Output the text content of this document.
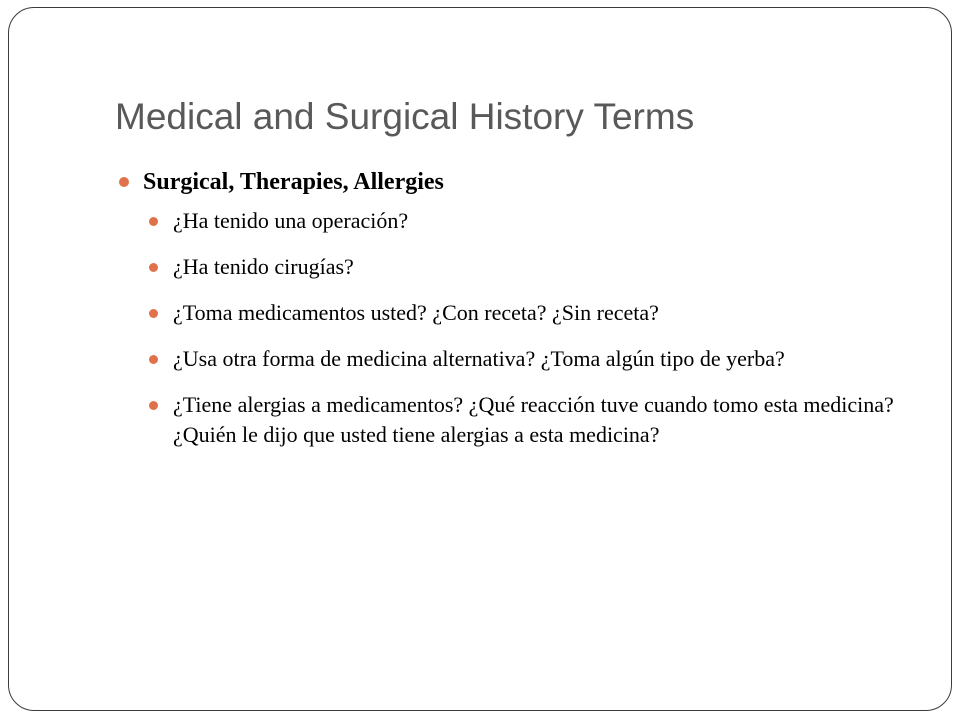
Medical and Surgical History Terms

Surgical, Therapies, Allergies

¿Ha tenido una operación?
¿Ha tenido cirugías?
¿Toma medicamentos usted? ¿Con receta? ¿Sin receta?
¿Usa otra forma de medicina alternativa? ¿Toma algún tipo de yerba?
¿Tiene alergias a medicamentos? ¿Qué reacción tuve cuando tomo esta medicina? ¿Quién le dijo que usted tiene alergias a esta medicina?
